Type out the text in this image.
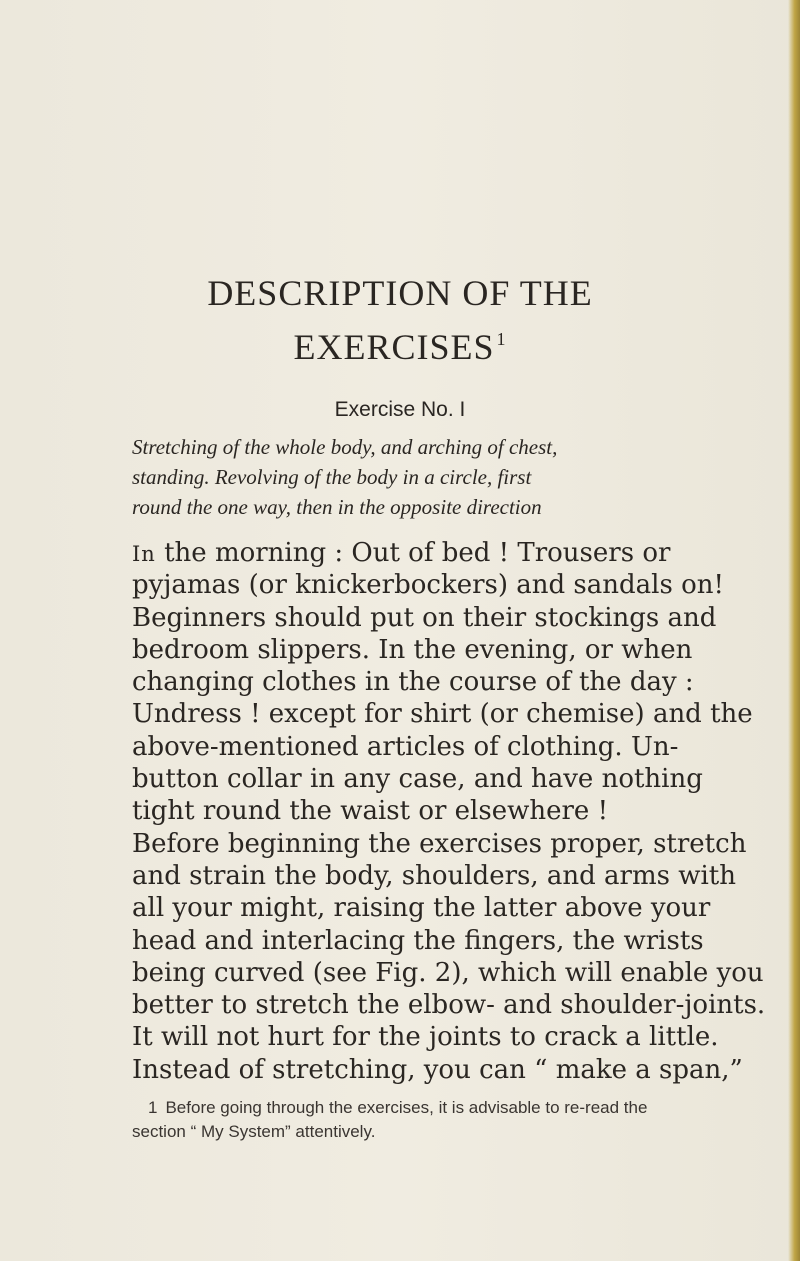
DESCRIPTION OF THE
EXERCISES $^1$
Exercise No. I
Stretching of the whole body, and arching of chest,
standing. Revolving of the body in a circle, first
round the one way, then in the opposite direction
In the morning : Out of bed ! Trousers or
pyjamas (or knickerbockers) and sandals on!
Beginners should put on their stockings and
bedroom slippers. In the evening, or when
changing clothes in the course of the day :
Undress ! except for shirt (or chemise) and the
above-mentioned articles of clothing. Un-
button collar in any case, and have nothing
tight round the waist or elsewhere !
Before beginning the exercises proper, stretch
and strain the body, shoulders, and arms with
all your might, raising the latter above your
head and interlacing the fingers, the wrists
being curved (see Fig. 2), which will enable you
better to stretch the elbow- and shoulder-joints.
It will not hurt for the joints to crack a little.
Instead of stretching, you can “ make a span,”
1 Before going through the exercises, it is advisable to re-read the
section “ My System” attentively.
